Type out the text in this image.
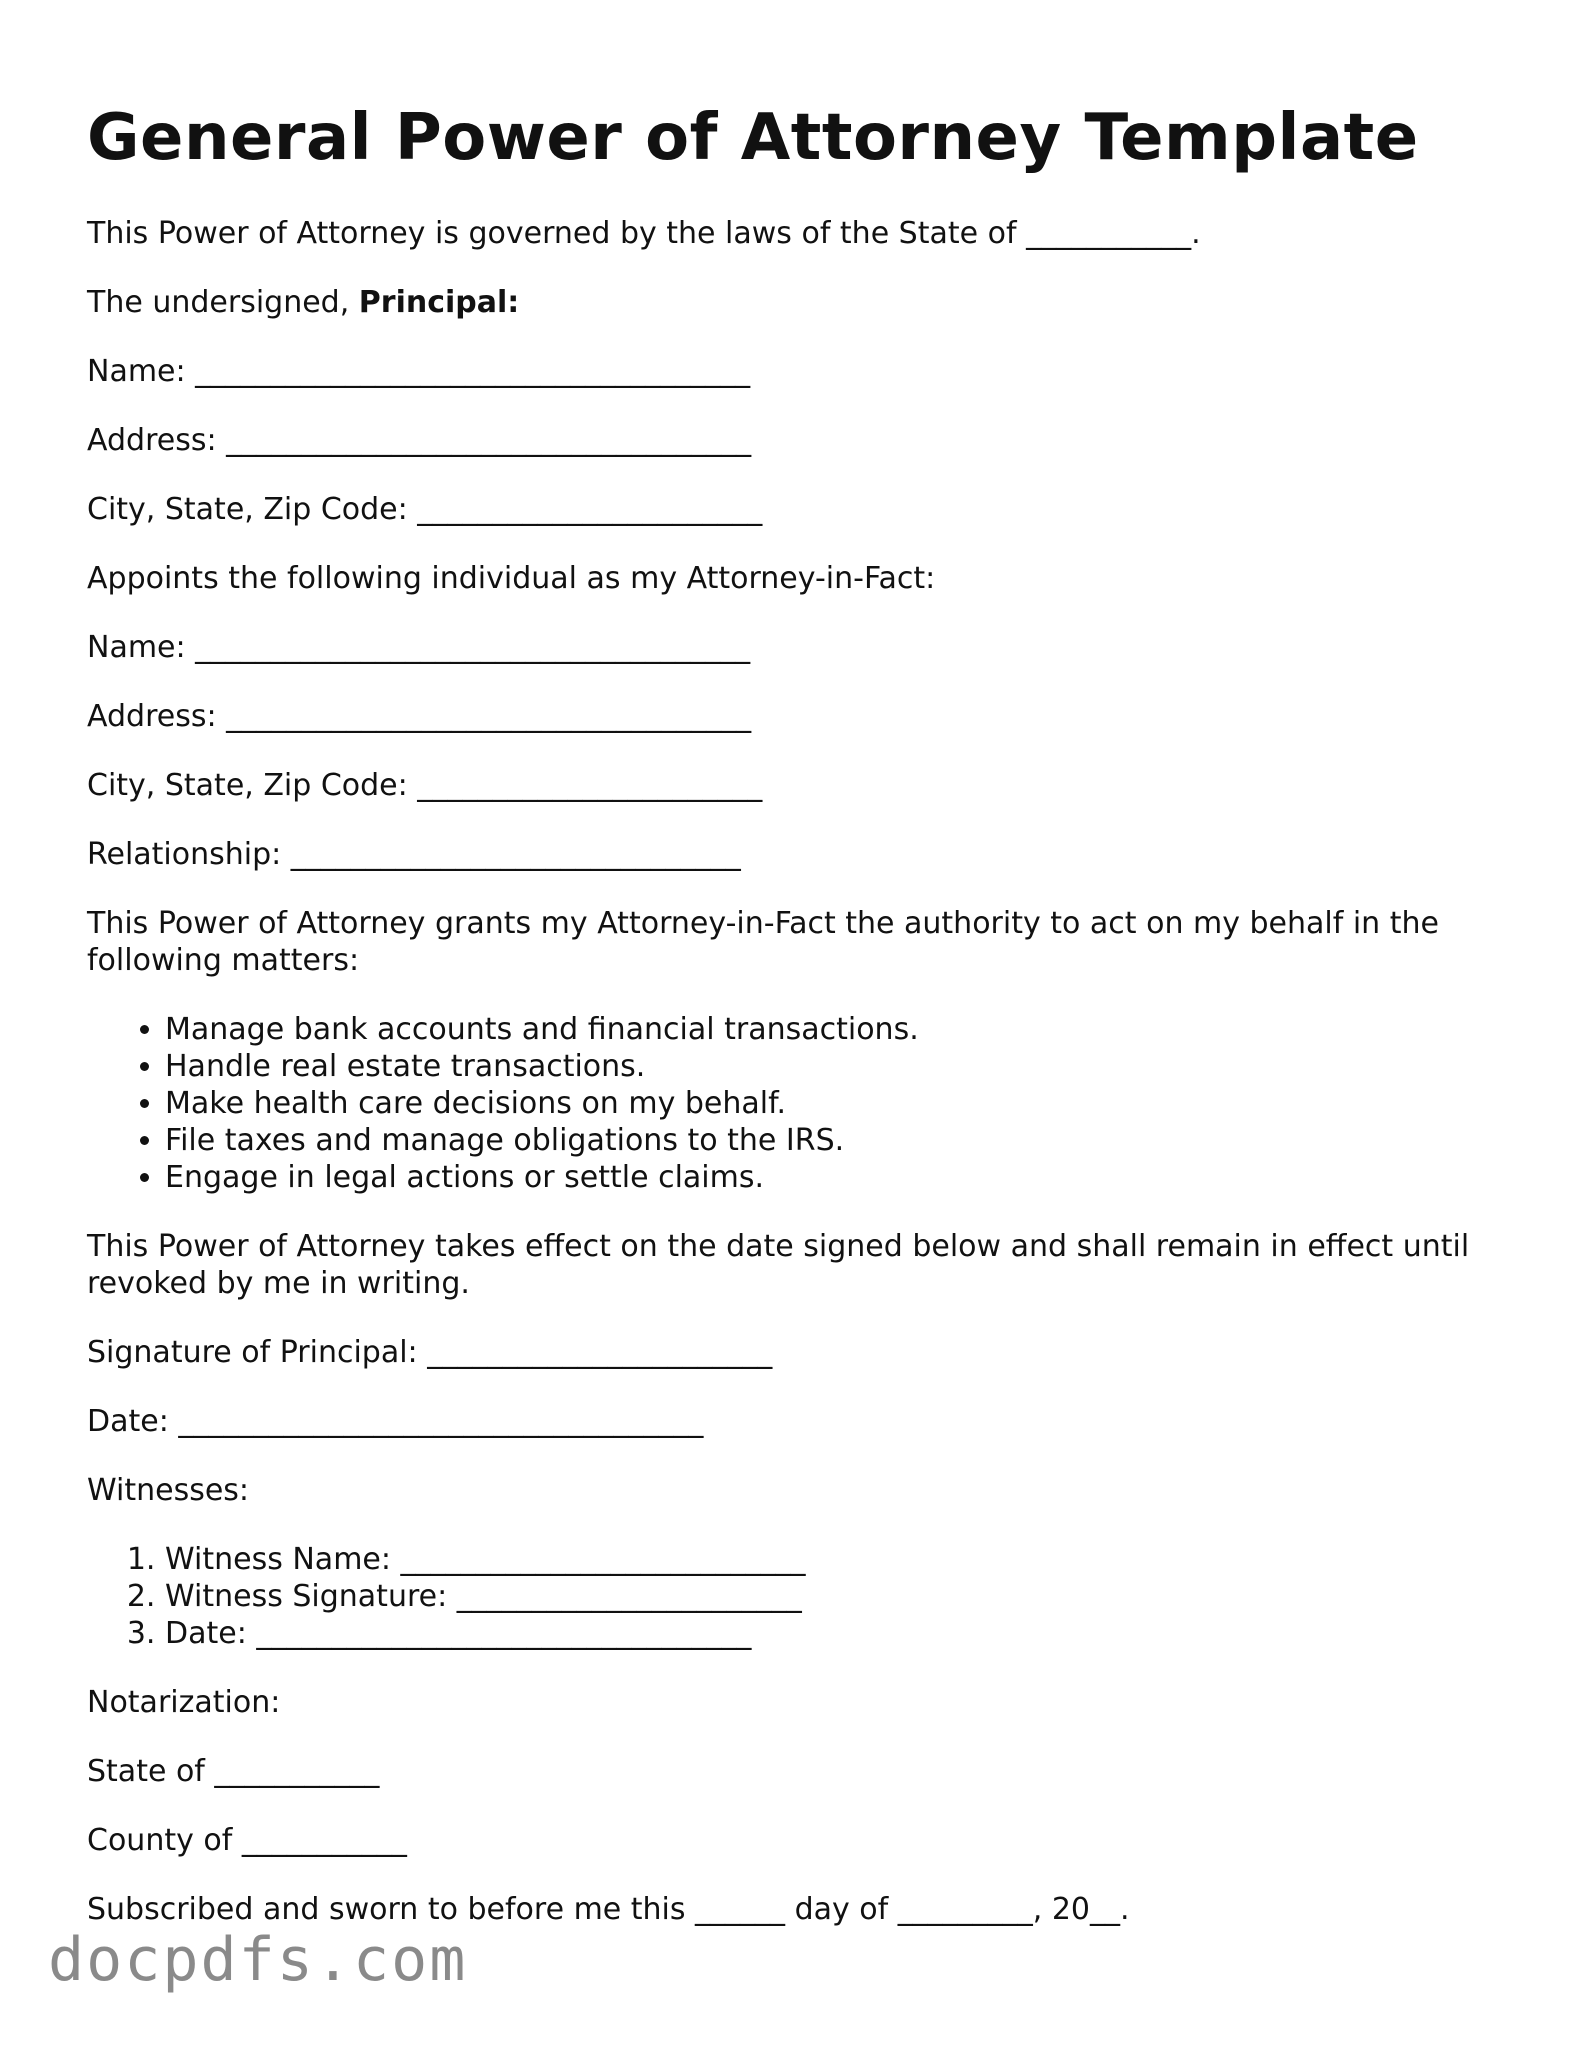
General Power of Attorney Template

This Power of Attorney is governed by the laws of the State of ___________.

The undersigned, Principal:

Name: _____________________________________

Address: ___________________________________

City, State, Zip Code: _______________________

Appoints the following individual as my Attorney-in-Fact:

Name: _____________________________________

Address: ___________________________________

City, State, Zip Code: _______________________

Relationship: ______________________________

This Power of Attorney grants my Attorney-in-Fact the authority to act on my behalf in the following matters:

• Manage bank accounts and financial transactions.
• Handle real estate transactions.
• Make health care decisions on my behalf.
• File taxes and manage obligations to the IRS.
• Engage in legal actions or settle claims.

This Power of Attorney takes effect on the date signed below and shall remain in effect until revoked by me in writing.

Signature of Principal: _______________________

Date: ___________________________________

Witnesses:

1. Witness Name: ___________________________
2. Witness Signature: _______________________
3. Date: _________________________________

Notarization:

State of ___________

County of ___________

Subscribed and sworn to before me this ______ day of _________, 20__.

docpdfs.com
